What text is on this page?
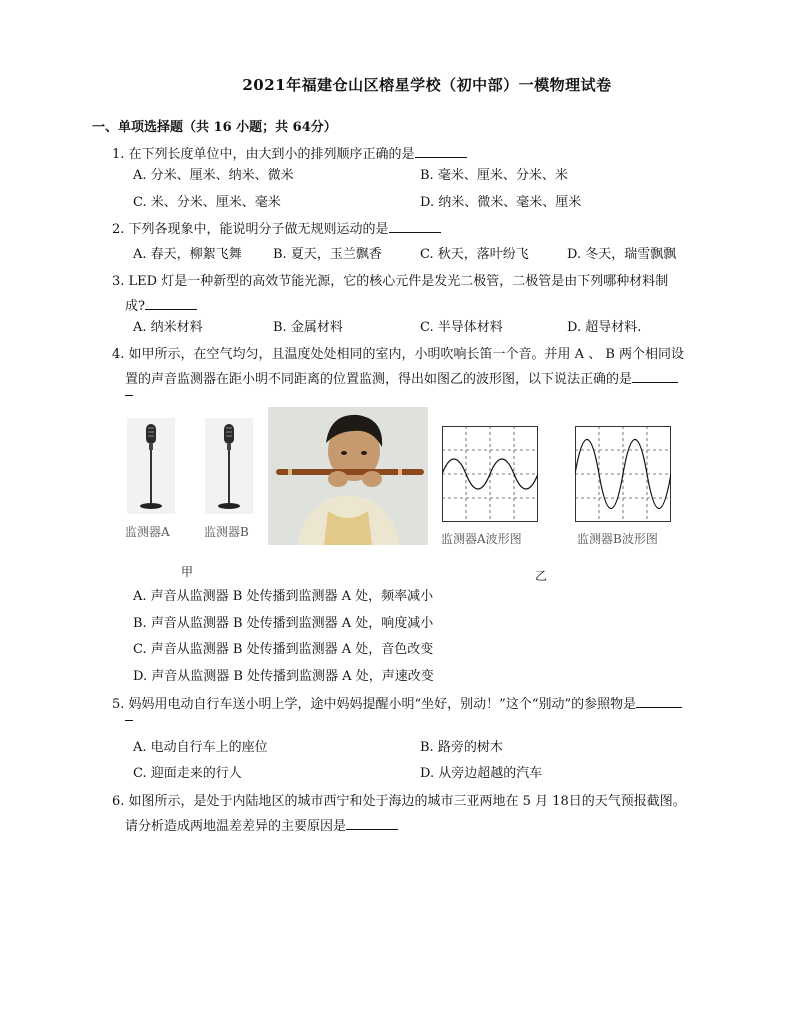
2021年福建仓山区榕星学校（初中部）一模物理试卷
一、单项选择题（共 16 小题；共 64分）
1. 在下列长度单位中，由大到小的排列顺序正确的是
A. 分米、厘米、纳米、微米	B. 毫米、厘米、分米、米
C. 米、分米、厘米、毫米	D. 纳米、微米、毫米、厘米
2. 下列各现象中，能说明分子做无规则运动的是
A. 春天，柳絮飞舞 B. 夏天，玉兰飘香	C. 秋天，落叶纷飞	D. 冬天，瑞雪飘飘
3. LED 灯是一种新型的高效节能光源，它的核心元件是发光二极管，二极管是由下列哪种材料制
成?
A. 纳米材料	B. 金属材料	C. 半导体材料	D. 超导材料.
4. 如甲所示，在空气均匀，且温度处处相同的室内，小明吹响长笛一个音。并用 A 、 B 两个相同设
置的声音监测器在距小明不同距离的位置监测，得出如图乙的波形图，以下说法正确的是
监测器A	监测器B	监测器A波形图	监测器B波形图
甲	乙
A. 声音从监测器 B 处传播到监测器 A 处，频率减小
B. 声音从监测器 B 处传播到监测器 A 处，响度减小
C. 声音从监测器 B 处传播到监测器 A 处，音色改变
D. 声音从监测器 B 处传播到监测器 A 处，声速改变
5. 妈妈用电动自行车送小明上学，途中妈妈提醒小明“坐好，别动！”这个“别动”的参照物是
A. 电动自行车上的座位	B. 路旁的树木
C. 迎面走来的行人	D. 从旁边超越的汽车
6. 如图所示，是处于内陆地区的城市西宁和处于海边的城市三亚两地在 5 月 18日的天气预报截图。
请分析造成两地温差差异的主要原因是
